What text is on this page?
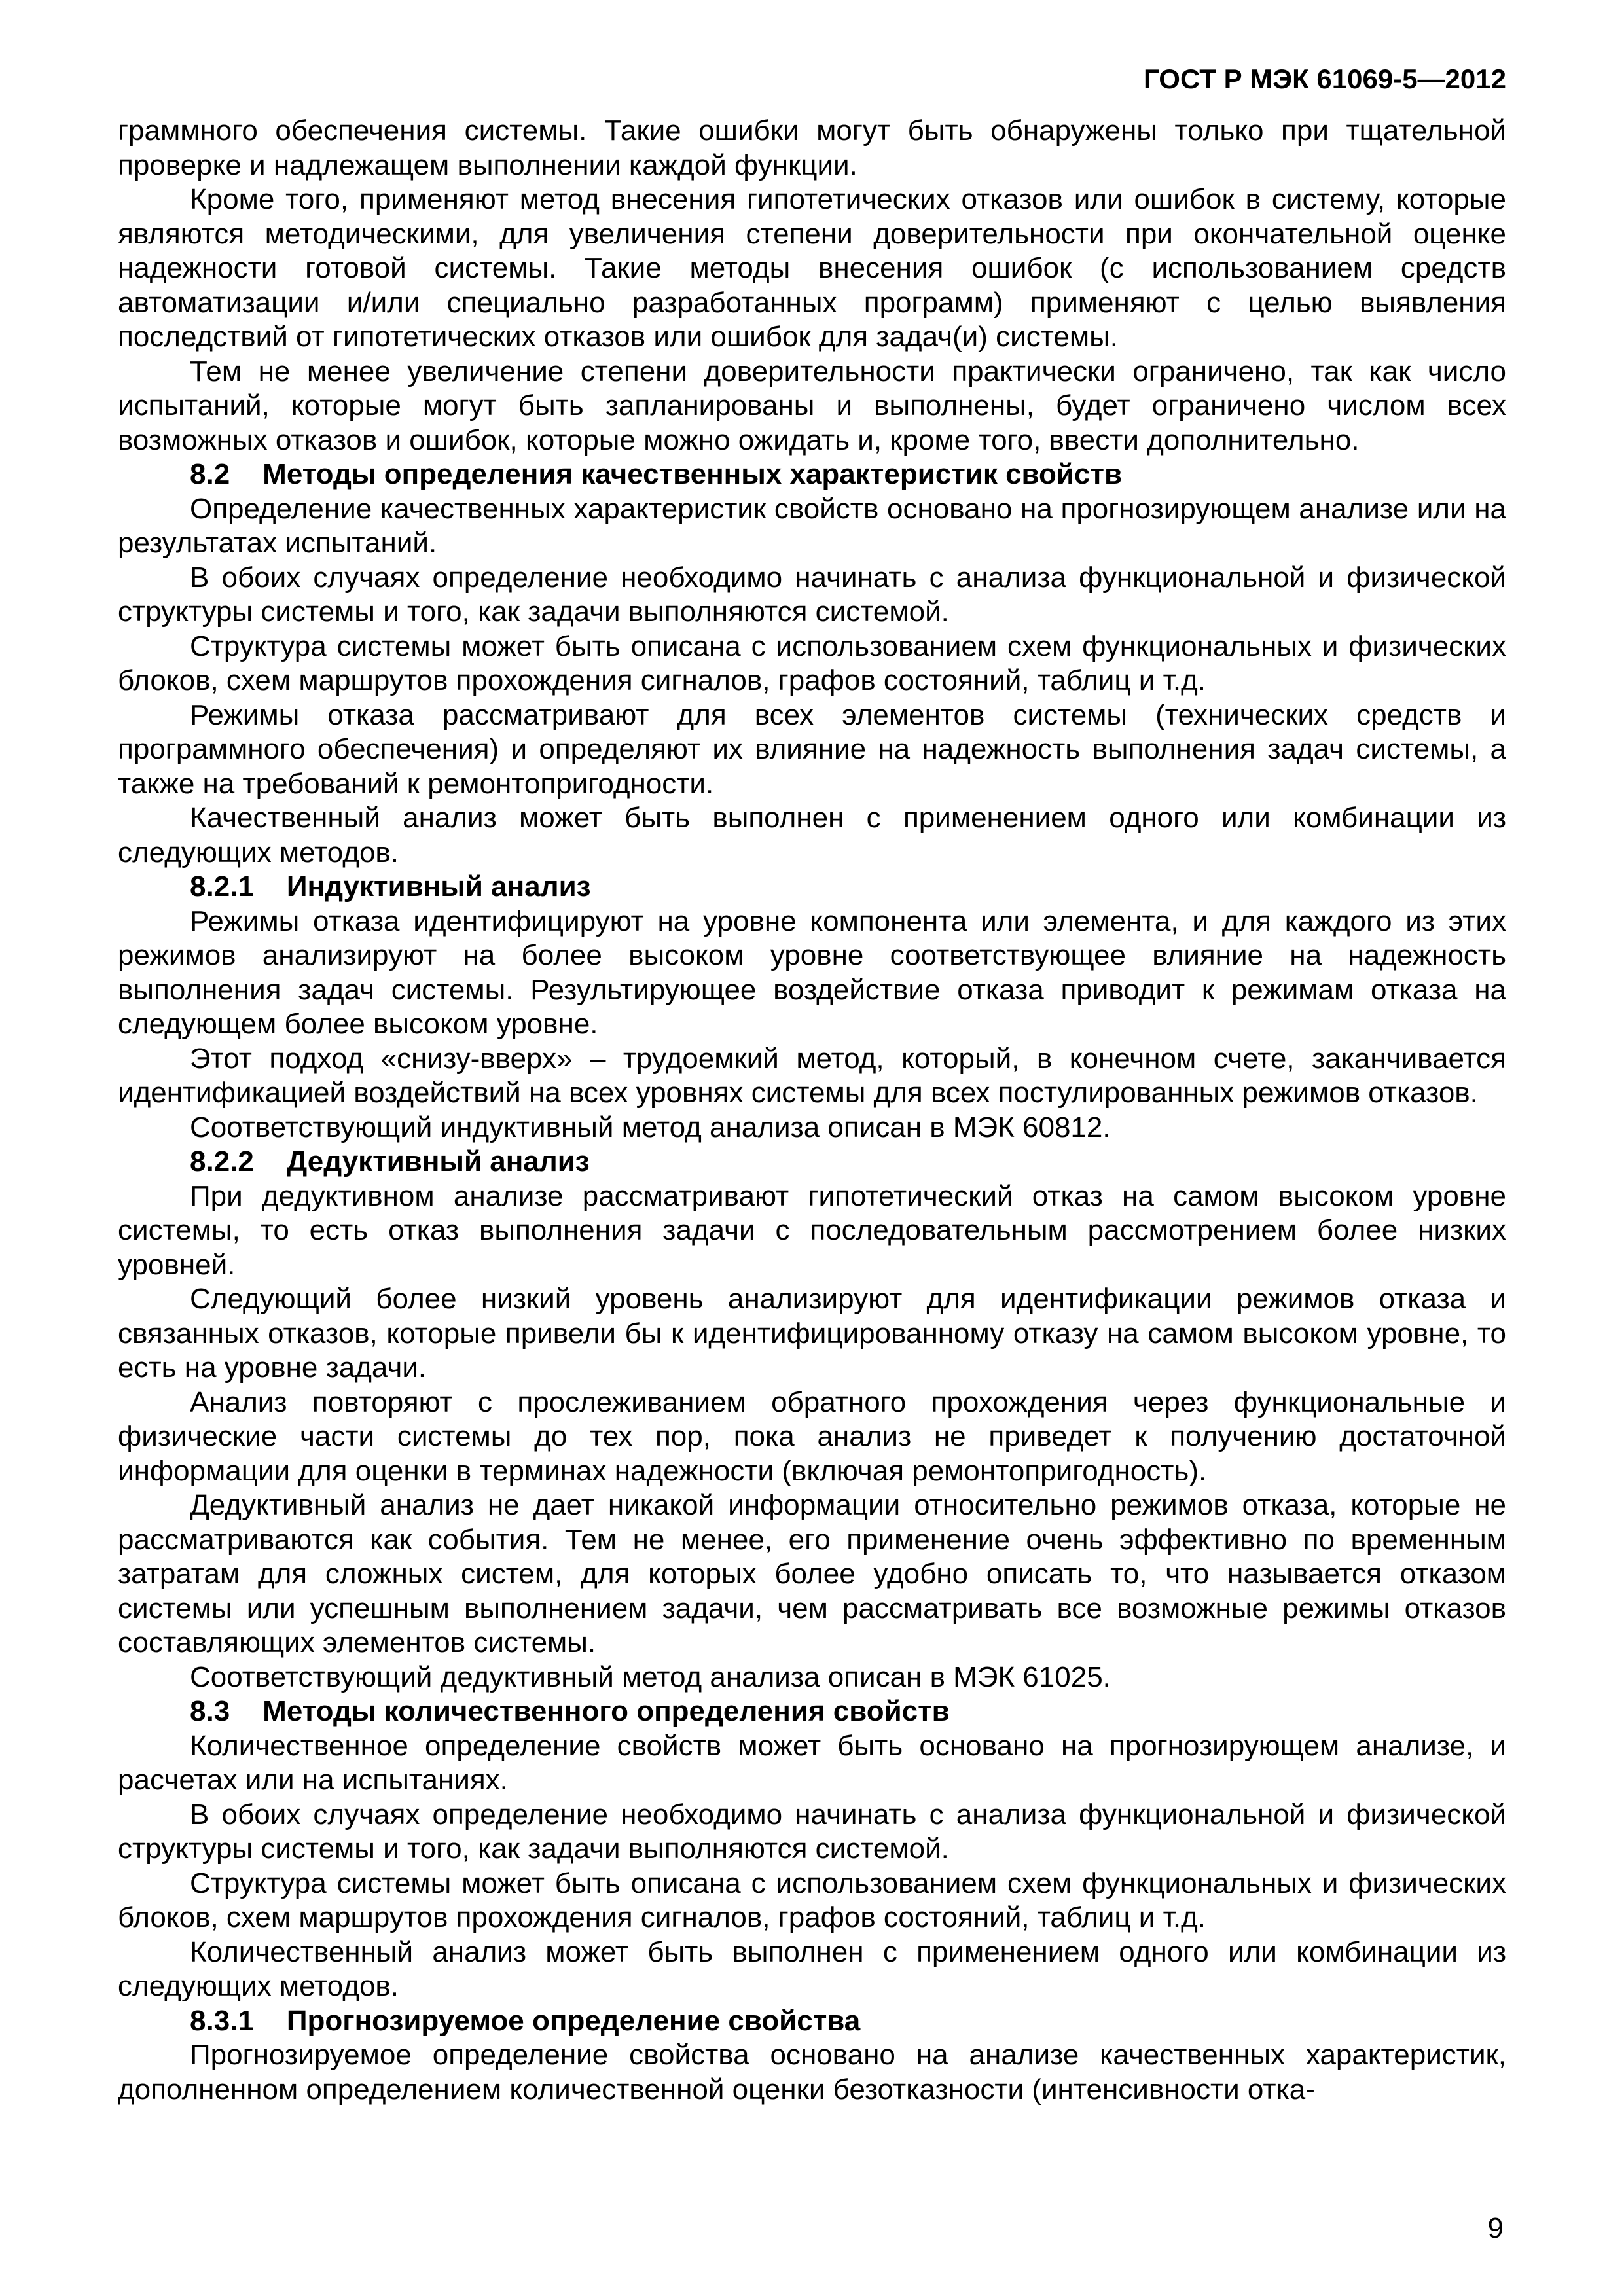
ГОСТ Р МЭК 61069-5—2012

граммного обеспечения системы. Такие ошибки могут быть обнаружены только при тщательной проверке и надлежащем выполнении каждой функции.

Кроме того, применяют метод внесения гипотетических отказов или ошибок в систему, которые являются методическими, для увеличения степени доверительности при окончательной оценке надежности готовой системы. Такие методы внесения ошибок (с использованием средств автоматизации и/или специально разработанных программ) применяют с целью выявления последствий от гипотетических отказов или ошибок для задач(и) системы.

Тем не менее увеличение степени доверительности практически ограничено, так как число испытаний, которые могут быть запланированы и выполнены, будет ограничено числом всех возможных отказов и ошибок, которые можно ожидать и, кроме того, ввести дополнительно.

8.2 Методы определения качественных характеристик свойств

Определение качественных характеристик свойств основано на прогнозирующем анализе или на результатах испытаний.

В обоих случаях определение необходимо начинать с анализа функциональной и физической структуры системы и того, как задачи выполняются системой.

Структура системы может быть описана с использованием схем функциональных и физических блоков, схем маршрутов прохождения сигналов, графов состояний, таблиц и т.д.

Режимы отказа рассматривают для всех элементов системы (технических средств и программного обеспечения) и определяют их влияние на надежность выполнения задач системы, а также на требований к ремонтопригодности.

Качественный анализ может быть выполнен с применением одного или комбинации из следующих методов.

8.2.1 Индуктивный анализ

Режимы отказа идентифицируют на уровне компонента или элемента, и для каждого из этих режимов анализируют на более высоком уровне соответствующее влияние на надежность выполнения задач системы. Результирующее воздействие отказа приводит к режимам отказа на следующем более высоком уровне.

Этот подход «снизу-вверх» – трудоемкий метод, который, в конечном счете, заканчивается идентификацией воздействий на всех уровнях системы для всех постулированных режимов отказов.

Соответствующий индуктивный метод анализа описан в МЭК 60812.

8.2.2 Дедуктивный анализ

При дедуктивном анализе рассматривают гипотетический отказ на самом высоком уровне системы, то есть отказ выполнения задачи с последовательным рассмотрением более низких уровней.

Следующий более низкий уровень анализируют для идентификации режимов отказа и связанных отказов, которые привели бы к идентифицированному отказу на самом высоком уровне, то есть на уровне задачи.

Анализ повторяют с прослеживанием обратного прохождения через функциональные и физические части системы до тех пор, пока анализ не приведет к получению достаточной информации для оценки в терминах надежности (включая ремонтопригодность).

Дедуктивный анализ не дает никакой информации относительно режимов отказа, которые не рассматриваются как события. Тем не менее, его применение очень эффективно по временным затратам для сложных систем, для которых более удобно описать то, что называется отказом системы или успешным выполнением задачи, чем рассматривать все возможные режимы отказов составляющих элементов системы.

Соответствующий дедуктивный метод анализа описан в МЭК 61025.

8.3 Методы количественного определения свойств

Количественное определение свойств может быть основано на прогнозирующем анализе, и расчетах или на испытаниях.

В обоих случаях определение необходимо начинать с анализа функциональной и физической структуры системы и того, как задачи выполняются системой.

Структура системы может быть описана с использованием схем функциональных и физических блоков, схем маршрутов прохождения сигналов, графов состояний, таблиц и т.д.

Количественный анализ может быть выполнен с применением одного или комбинации из следующих методов.

8.3.1 Прогнозируемое определение свойства

Прогнозируемое определение свойства основано на анализе качественных характеристик, дополненном определением количественной оценки безотказности (интенсивности отка-

9
